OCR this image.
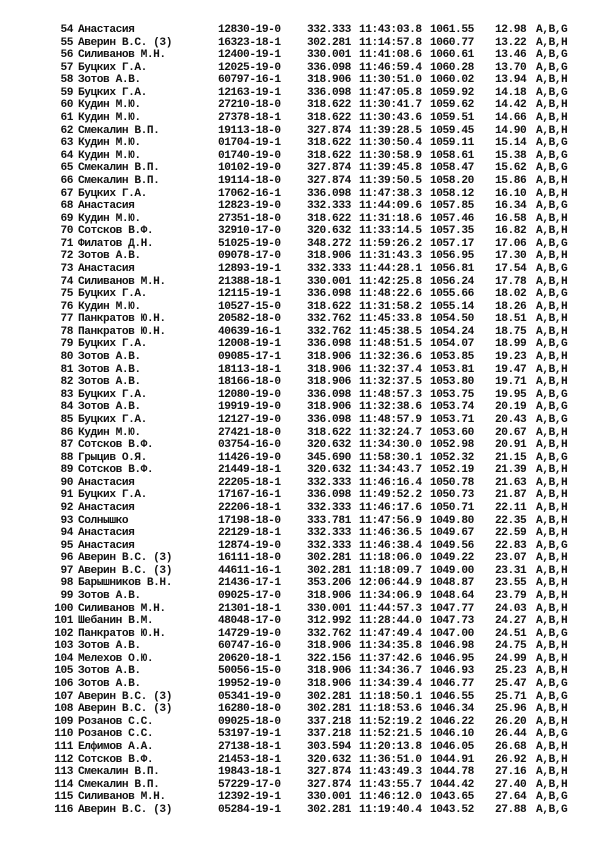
54 Анастасия	12830-19-0 332.333 11:43:03.8 1061.55 12.98 A,B,G
55 Аверин В.С. (3)	16323-18-1 302.281 11:14:57.8 1060.77 13.22 A,B,H
56 Силиванов М.Н.	12400-19-1 330.001 11:41:08.6 1060.61 13.46 A,B,G
57 Буцких Г.А.	12025-19-0 336.098 11:46:59.4 1060.28 13.70 A,B,G
58 Зотов А.В.	60797-16-1 318.906 11:30:51.0 1060.02 13.94 A,B,H
59 Буцких Г.А.	12163-19-1 336.098 11:47:05.8 1059.92 14.18 A,B,G
60 Кудин М.Ю.	27210-18-0 318.622 11:30:41.7 1059.62 14.42 A,B,H
61 Кудин М.Ю.	27378-18-1 318.622 11:30:43.6 1059.51 14.66 A,B,H
62 Смекалин В.П.	19113-18-0 327.874 11:39:28.5 1059.45 14.90 A,B,H
63 Кудин М.Ю.	01704-19-1 318.622 11:30:50.4 1059.11 15.14 A,B,G
64 Кудин М.Ю.	01740-19-0 318.622 11:30:58.9 1058.61 15.38 A,B,G
65 Смекалин В.П.	10102-19-0 327.874 11:39:45.8 1058.47 15.62 A,B,G
66 Смекалин В.П.	19114-18-0 327.874 11:39:50.5 1058.20 15.86 A,B,H
67 Буцких Г.А.	17062-16-1 336.098 11:47:38.3 1058.12 16.10 A,B,H
68 Анастасия	12823-19-0 332.333 11:44:09.6 1057.85 16.34 A,B,G
69 Кудин М.Ю.	27351-18-0 318.622 11:31:18.6 1057.46 16.58 A,B,H
70 Сотсков В.Ф.	32910-17-0 320.632 11:33:14.5 1057.35 16.82 A,B,H
71 Филатов Д.Н.	51025-19-0 348.272 11:59:26.2 1057.17 17.06 A,B,G
72 Зотов А.В.	09078-17-0 318.906 11:31:43.3 1056.95 17.30 A,B,H
73 Анастасия	12893-19-1 332.333 11:44:28.1 1056.81 17.54 A,B,G
74 Силиванов М.Н.	21388-18-1 330.001 11:42:25.8 1056.24 17.78 A,B,H
75 Буцких Г.А.	12115-19-1 336.098 11:48:22.6 1055.66 18.02 A,B,G
76 Кудин М.Ю.	10527-15-0 318.622 11:31:58.2 1055.14 18.26 A,B,H
77 Панкратов Ю.Н.	20582-18-0 332.762 11:45:33.8 1054.50 18.51 A,B,H
78 Панкратов Ю.Н.	40639-16-1 332.762 11:45:38.5 1054.24 18.75 A,B,H
79 Буцких Г.А.	12008-19-1 336.098 11:48:51.5 1054.07 18.99 A,B,G
80 Зотов А.В.	09085-17-1 318.906 11:32:36.6 1053.85 19.23 A,B,H
81 Зотов А.В.	18113-18-1 318.906 11:32:37.4 1053.81 19.47 A,B,H
82 Зотов А.В.	18166-18-0 318.906 11:32:37.5 1053.80 19.71 A,B,H
83 Буцких Г.А.	12080-19-0 336.098 11:48:57.3 1053.75 19.95 A,B,G
84 Зотов А.В.	19919-19-0 318.906 11:32:38.6 1053.74 20.19 A,B,G
85 Буцких Г.А.	12127-19-0 336.098 11:48:57.9 1053.71 20.43 A,B,G
86 Кудин М.Ю.	27421-18-0 318.622 11:32:24.7 1053.60 20.67 A,B,H
87 Сотсков В.Ф.	03754-16-0 320.632 11:34:30.0 1052.98 20.91 A,B,H
88 Грыцив О.Я.	11426-19-0 345.690 11:58:30.1 1052.32 21.15 A,B,G
89 Сотсков В.Ф.	21449-18-1 320.632 11:34:43.7 1052.19 21.39 A,B,H
90 Анастасия	22205-18-1 332.333 11:46:16.4 1050.78 21.63 A,B,H
91 Буцких Г.А.	17167-16-1 336.098 11:49:52.2 1050.73 21.87 A,B,H
92 Анастасия	22206-18-1 332.333 11:46:17.6 1050.71 22.11 A,B,H
93 Солнышко	17198-18-0 333.781 11:47:56.9 1049.80 22.35 A,B,H
94 Анастасия	22129-18-1 332.333 11:46:36.5 1049.67 22.59 A,B,H
95 Анастасия	12874-19-0 332.333 11:46:38.4 1049.56 22.83 A,B,G
96 Аверин В.С. (3)	16111-18-0 302.281 11:18:06.0 1049.22 23.07 A,B,H
97 Аверин В.С. (3)	44611-16-1 302.281 11:18:09.7 1049.00 23.31 A,B,H
98 Барышников В.Н.	21436-17-1 353.206 12:06:44.9 1048.87 23.55 A,B,H
99 Зотов А.В.	09025-17-0 318.906 11:34:06.9 1048.64 23.79 A,B,H
100 Силиванов М.Н.	21301-18-1 330.001 11:44:57.3 1047.77 24.03 A,B,H
101 Шебанин В.М.	48048-17-0 312.992 11:28:44.0 1047.73 24.27 A,B,H
102 Панкратов Ю.Н.	14729-19-0 332.762 11:47:49.4 1047.00 24.51 A,B,G
103 Зотов А.В.	60747-16-0 318.906 11:34:35.8 1046.98 24.75 A,B,H
104 Мелехов О.Ю.	20620-18-1 322.156 11:37:42.6 1046.95 24.99 A,B,H
105 Зотов А.В.	50056-15-0 318.906 11:34:36.7 1046.93 25.23 A,B,H
106 Зотов А.В.	19952-19-0 318.906 11:34:39.4 1046.77 25.47 A,B,G
107 Аверин В.С. (3)	05341-19-0 302.281 11:18:50.1 1046.55 25.71 A,B,G
108 Аверин В.С. (3)	16280-18-0 302.281 11:18:53.6 1046.34 25.96 A,B,H
109 Розанов С.С.	09025-18-0 337.218 11:52:19.2 1046.22 26.20 A,B,H
110 Розанов С.С.	53197-19-1 337.218 11:52:21.5 1046.10 26.44 A,B,G
111 Елфимов А.А.	27138-18-1 303.594 11:20:13.8 1046.05 26.68 A,B,H
112 Сотсков В.Ф.	21453-18-1 320.632 11:36:51.0 1044.91 26.92 A,B,H
113 Смекалин В.П.	19843-18-1 327.874 11:43:49.3 1044.78 27.16 A,B,H
114 Смекалин В.П.	57229-17-0 327.874 11:43:55.7 1044.42 27.40 A,B,H
115 Силиванов М.Н.	12392-19-1 330.001 11:46:12.0 1043.65 27.64 A,B,G
116 Аверин В.С. (3)	05284-19-1 302.281 11:19:40.4 1043.52 27.88 A,B,G
